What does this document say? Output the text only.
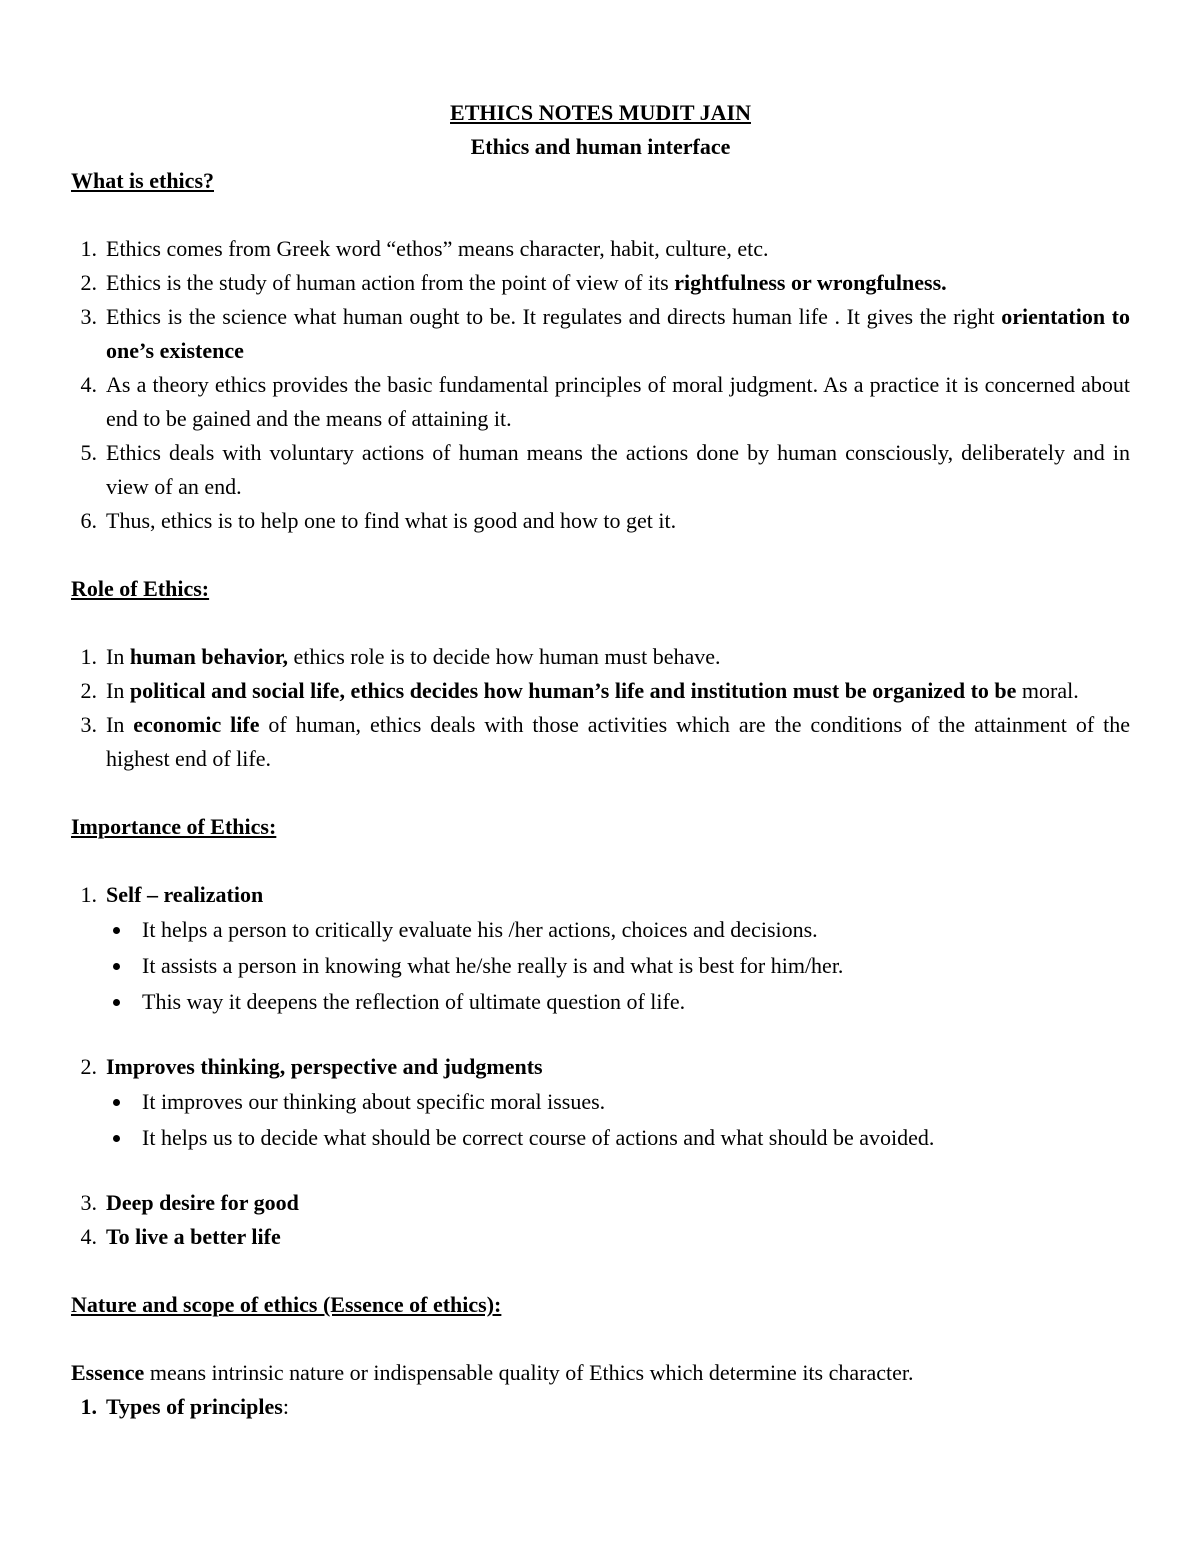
ETHICS NOTES MUDIT JAIN
Ethics and human interface
What is ethics?
1. Ethics comes from Greek word “ethos” means character, habit, culture, etc.
2. Ethics is the study of human action from the point of view of its rightfulness or wrongfulness.
3. Ethics is the science what human ought to be. It regulates and directs human life . It gives the right orientation to one’s existence
4. As a theory ethics provides the basic fundamental principles of moral judgment. As a practice it is concerned about end to be gained and the means of attaining it.
5. Ethics deals with voluntary actions of human means the actions done by human consciously, deliberately and in view of an end.
6. Thus, ethics is to help one to find what is good and how to get it.
Role of Ethics:
1. In human behavior, ethics role is to decide how human must behave.
2. In political and social life, ethics decides how human’s life and institution must be organized to be moral.
3. In economic life of human, ethics deals with those activities which are the conditions of the attainment of the highest end of life.
Importance of Ethics:
1. Self – realization
It helps a person to critically evaluate his /her actions, choices and decisions.
It assists a person in knowing what he/she really is and what is best for him/her.
This way it deepens the reflection of ultimate question of life.
2. Improves thinking, perspective and judgments
It improves our thinking about specific moral issues.
It helps us to decide what should be correct course of actions and what should be avoided.
3. Deep desire for good
4. To live a better life
Nature and scope of ethics (Essence of ethics):
Essence means intrinsic nature or indispensable quality of Ethics which determine its character.
1. Types of principles:
